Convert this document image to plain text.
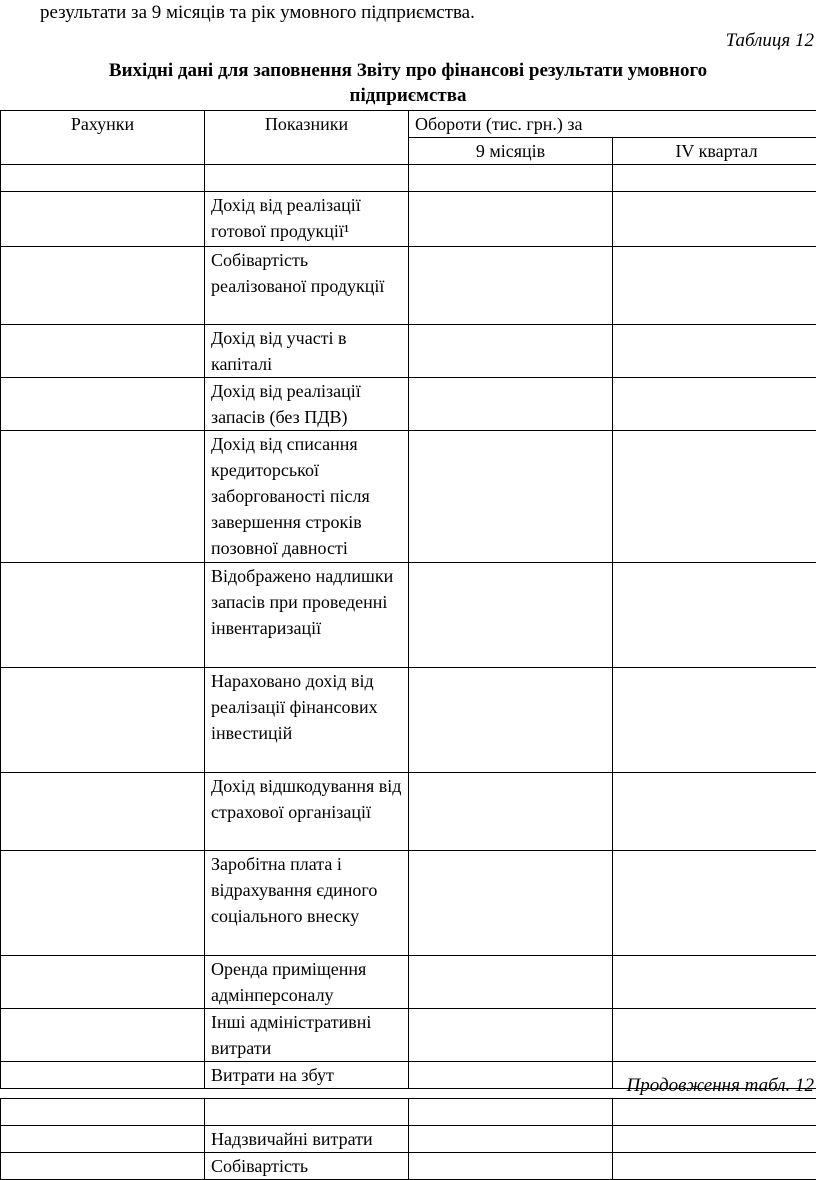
результати за 9 місяців та рік умовного підприємства.
Таблиця 12
Вихідні дані для заповнення Звіту про фінансові результати умовного
підприємства
Рахунки	Показники	Обороти (тис. грн.) за	
		9 місяців	IV квартал

	Дохід від реалізації готової продукції¹		
	Собівартість реалізованої продукції		
	Дохід від участі в капіталі		
	Дохід від реалізації запасів (без ПДВ)		
	Дохід від списання кредиторської заборгованості після завершення строків позовної давності		
	Відображено надлишки запасів при проведенні інвентаризації		
	Нараховано дохід від реалізації фінансових інвестицій		
	Дохід відшкодування від страхової організації		
	Заробітна плата і відрахування єдиного соціального внеску		
	Оренда приміщення адмінперсоналу		
	Інші адміністративні витрати		
	Витрати на збут			Продовження табл. 12

	Надзвичайні витрати		
	Собівартість		
